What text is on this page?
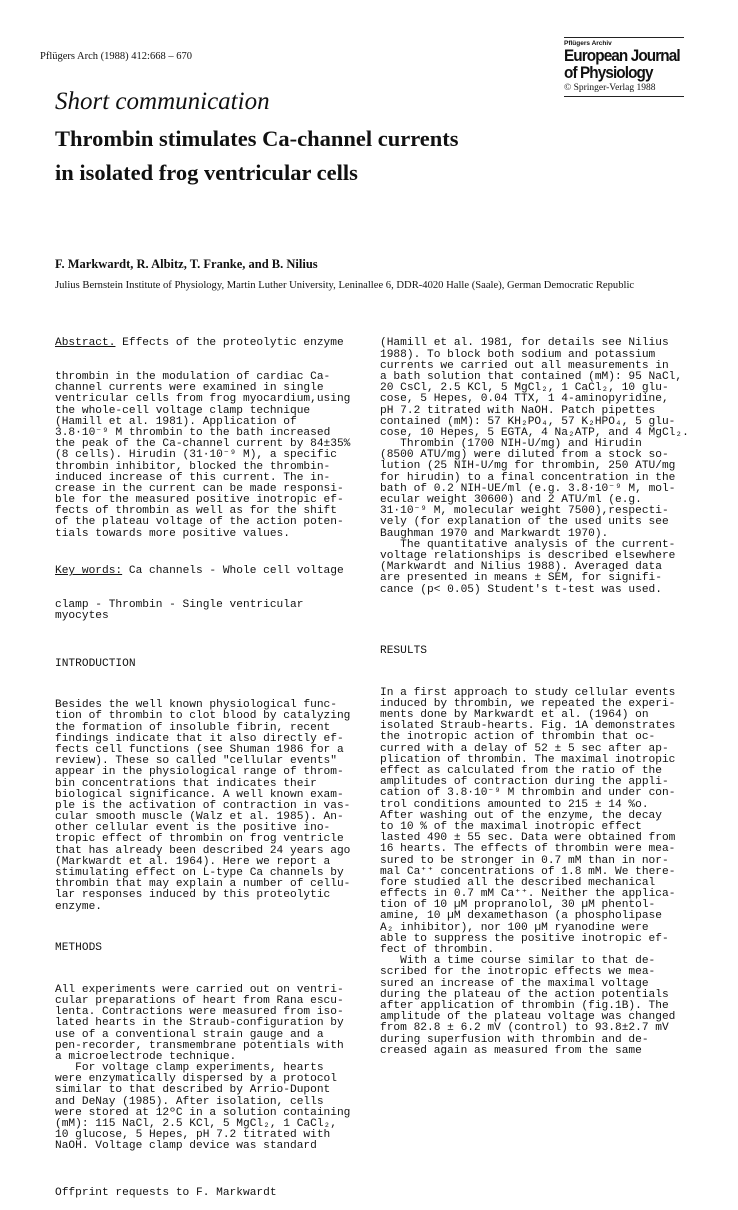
Pflügers Arch (1988) 412:668 – 670
Pflügers Archiv
European Journal
of Physiology
© Springer-Verlag 1988
Short communication
Thrombin stimulates Ca-channel currents
in isolated frog ventricular cells
F. Markwardt, R. Albitz, T. Franke, and B. Nilius
Julius Bernstein Institute of Physiology, Martin Luther University, Leninallee 6, DDR-4020 Halle (Saale), German Democratic Republic

Abstract. Effects of the proteolytic enzyme

thrombin in the modulation of cardiac Ca-
channel currents were examined in single
ventricular cells from frog myocardium,using
the whole-cell voltage clamp technique
(Hamill et al. 1981). Application of
3.8·10⁻⁹ M thrombin to the bath increased
the peak of the Ca-channel current by 84±35%
(8 cells). Hirudin (31·10⁻⁹ M), a specific
thrombin inhibitor, blocked the thrombin-
induced increase of this current. The in-
crease in the current can be made responsi-
ble for the measured positive inotropic ef-
fects of thrombin as well as for the shift
of the plateau voltage of the action poten-
tials towards more positive values.

Key words: Ca channels - Whole cell voltage

clamp - Thrombin - Single ventricular
myocytes

INTRODUCTION

Besides the well known physiological func-
tion of thrombin to clot blood by catalyzing
the formation of insoluble fibrin, recent
findings indicate that it also directly ef-
fects cell functions (see Shuman 1986 for a
review). These so called "cellular events"
appear in the physiological range of throm-
bin concentrations that indicates their
biological significance. A well known exam-
ple is the activation of contraction in vas-
cular smooth muscle (Walz et al. 1985). An-
other cellular event is the positive ino-
tropic effect of thrombin on frog ventricle
that has already been described 24 years ago
(Markwardt et al. 1964). Here we report a
stimulating effect on L-type Ca channels by
thrombin that may explain a number of cellu-
lar responses induced by this proteolytic
enzyme.

METHODS

All experiments were carried out on ventri-
cular preparations of heart from Rana escu-
lenta. Contractions were measured from iso-
lated hearts in the Straub-configuration by
use of a conventional strain gauge and a
pen-recorder, transmembrane potentials with
a microelectrode technique.
For voltage clamp experiments, hearts
were enzymatically dispersed by a protocol
similar to that described by Arrio-Dupont
and DeNay (1985). After isolation, cells
were stored at 12ºC in a solution containing
(mM): 115 NaCl, 2.5 KCl, 5 MgCl₂, 1 CaCl₂,
10 glucose, 5 Hepes, pH 7.2 titrated with
NaOH. Voltage clamp device was standard

Offprint requests to F. Markwardt

(Hamill et al. 1981, for details see Nilius
1988). To block both sodium and potassium
currents we carried out all measurements in
a bath solution that contained (mM): 95 NaCl,
20 CsCl, 2.5 KCl, 5 MgCl₂, 1 CaCl₂, 10 glu-
cose, 5 Hepes, 0.04 TTX, 1 4-aminopyridine,
pH 7.2 titrated with NaOH. Patch pipettes
contained (mM): 57 KH₂PO₄, 57 K₂HPO₄, 5 glu-
cose, 10 Hepes, 5 EGTA, 4 Na₂ATP, and 4 MgCl₂.
Thrombin (1700 NIH-U/mg) and Hirudin
(8500 ATU/mg) were diluted from a stock so-
lution (25 NIH-U/mg for thrombin, 250 ATU/mg
for hirudin) to a final concentration in the
bath of 0.2 NIH-UE/ml (e.g. 3.8·10⁻⁹ M, mol-
ecular weight 30600) and 2 ATU/ml (e.g.
31·10⁻⁹ M, molecular weight 7500),respecti-
vely (for explanation of the used units see
Baughman 1970 and Markwardt 1970).
The quantitative analysis of the current-
voltage relationships is described elsewhere
(Markwardt and Nilius 1988). Averaged data
are presented in means ± SEM, for signifi-
cance (p< 0.05) Student's t-test was used.

RESULTS

In a first approach to study cellular events
induced by thrombin, we repeated the experi-
ments done by Markwardt et al. (1964) on
isolated Straub-hearts. Fig. 1A demonstrates
the inotropic action of thrombin that oc-
curred with a delay of 52 ± 5 sec after ap-
plication of thrombin. The maximal inotropic
effect as calculated from the ratio of the
amplitudes of contraction during the appli-
cation of 3.8·10⁻⁹ M thrombin and under con-
trol conditions amounted to 215 ± 14 %o.
After washing out of the enzyme, the decay
to 10 % of the maximal inotropic effect
lasted 490 ± 55 sec. Data were obtained from
16 hearts. The effects of thrombin were mea-
sured to be stronger in 0.7 mM than in nor-
mal Ca⁺⁺ concentrations of 1.8 mM. We there-
fore studied all the described mechanical
effects in 0.7 mM Ca⁺⁺. Neither the applica-
tion of 10 µM propranolol, 30 µM phentol-
amine, 10 µM dexamethason (a phospholipase
A₂ inhibitor), nor 100 µM ryanodine were
able to suppress the positive inotropic ef-
fect of thrombin.
With a time course similar to that de-
scribed for the inotropic effects we mea-
sured an increase of the maximal voltage
during the plateau of the action potentials
after application of thrombin (fig.1B). The
amplitude of the plateau voltage was changed
from 82.8 ± 6.2 mV (control) to 93.8±2.7 mV
during superfusion with thrombin and de-
creased again as measured from the same
